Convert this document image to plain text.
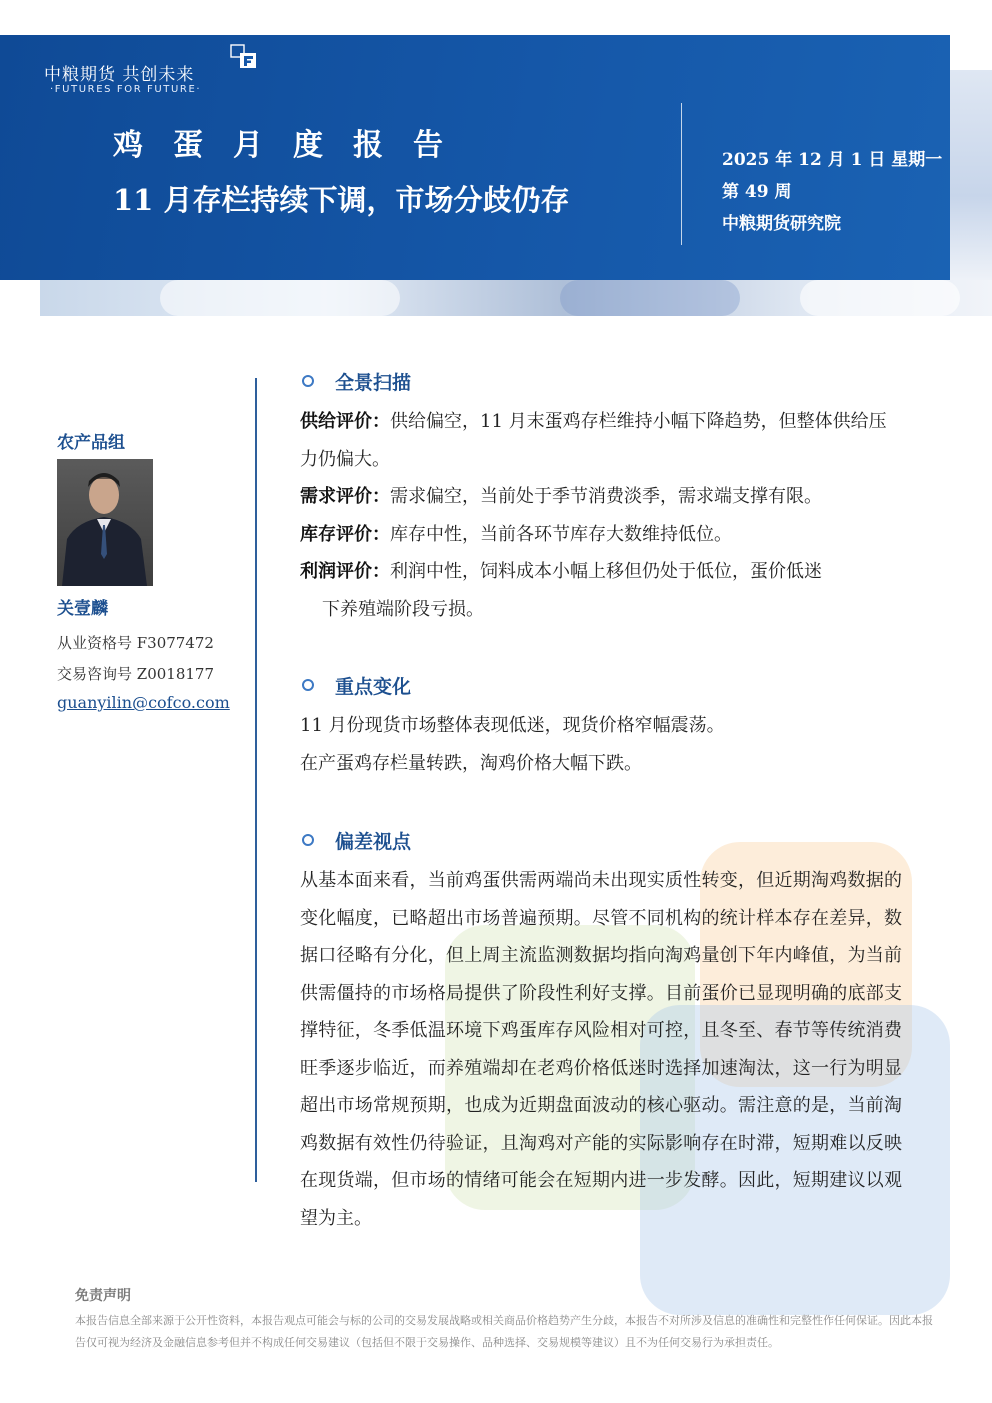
中粮期货 共创未来
·FUTURES FOR FUTURE·
鸡蛋月度报告
11 月存栏持续下调，市场分歧仍存
2025 年 12 月 1 日 星期一
第 49 周
中粮期货研究院
农产品组
关壹麟
从业资格号 F3077472
交易咨询号 Z0018177
guanyilin@cofco.com
全景扫描
供给评价：供给偏空，11 月末蛋鸡存栏维持小幅下降趋势，但整体供给压力仍偏大。
需求评价：需求偏空，当前处于季节消费淡季，需求端支撑有限。
库存评价：库存中性，当前各环节库存大数维持低位。
利润评价：利润中性，饲料成本小幅上移但仍处于低位，蛋价低迷
下养殖端阶段亏损。
重点变化
11 月份现货市场整体表现低迷，现货价格窄幅震荡。
在产蛋鸡存栏量转跌，淘鸡价格大幅下跌。
偏差视点
从基本面来看，当前鸡蛋供需两端尚未出现实质性转变，但近期淘鸡数据的变化幅度，已略超出市场普遍预期。尽管不同机构的统计样本存在差异，数据口径略有分化，但上周主流监测数据均指向淘鸡量创下年内峰值，为当前供需僵持的市场格局提供了阶段性利好支撑。目前蛋价已显现明确的底部支撑特征，冬季低温环境下鸡蛋库存风险相对可控，且冬至、春节等传统消费旺季逐步临近，而养殖端却在老鸡价格低迷时选择加速淘汰，这一行为明显超出市场常规预期，也成为近期盘面波动的核心驱动。需注意的是，当前淘鸡数据有效性仍待验证，且淘鸡对产能的实际影响存在时滞，短期难以反映在现货端，但市场的情绪可能会在短期内进一步发酵。因此，短期建议以观望为主。
免责声明
本报告信息全部来源于公开性资料，本报告观点可能会与标的公司的交易发展战略或相关商品价格趋势产生分歧，本报告不对所涉及信息的准确性和完整性作任何保证。因此本报告仅可视为经济及金融信息参考但并不构成任何交易建议（包括但不限于交易操作、品种选择、交易规模等建议）且不为任何交易行为承担责任。
